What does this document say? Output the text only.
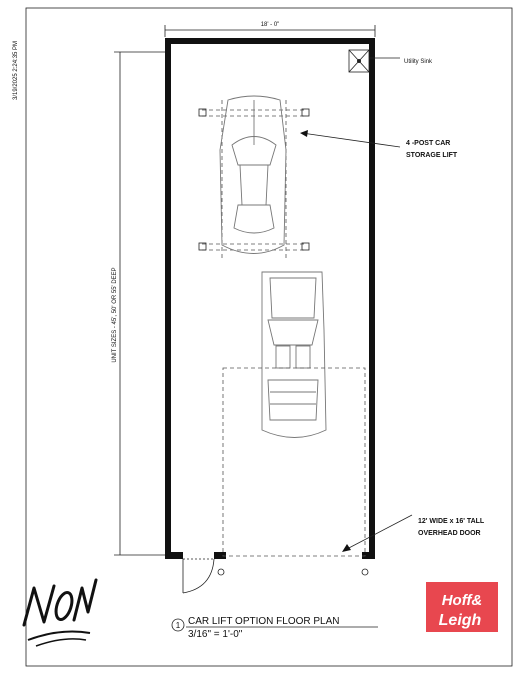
3/19/2025 2:24:35 PM
18' - 0"
UNIT SIZES - 45', 50' OR 55' DEEP
Utility Sink
4 -POST CAR
STORAGE LIFT
12' WIDE x 16' TALL
OVERHEAD DOOR
1 CAR LIFT OPTION FLOOR PLAN
3/16" = 1'-0"
Hoff&
Leigh
